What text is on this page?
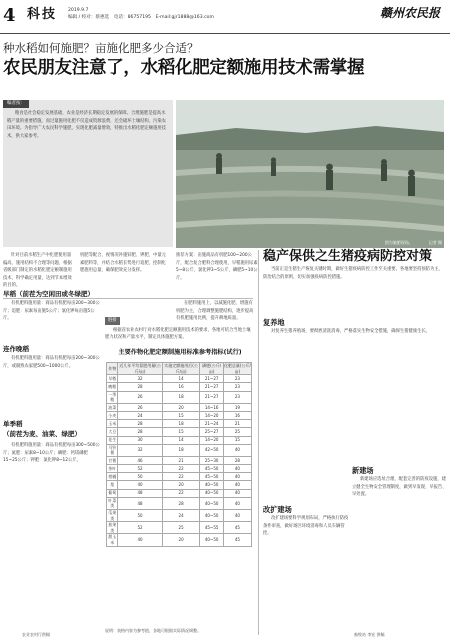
4 科技 2019.9.7
编辑 / 校对：蔡惠选　电话：86757195　E-mail:gjr1888@163.com	赣州农民报
种水稻如何施肥？亩施化肥多少合适？
农民朋友注意了，水稻化肥定额施用技术需掌握
编者按：
粮食是社会稳定发展基础，农业是经济长期稳定发展的保障。合理施肥是提高水稻产量的重要措施，而过量施用化肥不仅造成资源浪费，还会破坏土壤结构，污染农田环境。为指导广大农民科学施肥，实现化肥减量增效，特推出水稻化肥定额施用技术，供大家参考。
图为施肥现场。　　　　记者 摄
针对目前水稻生产中化肥使用量偏高、施用结构不合理等问题，根据省级部门制定的水稻化肥定额制施用技术，科学确定用量，达到节本增效的目的。
机肥等配合，视情况补施锌肥、钾肥、中量元素肥料等，并结合水稻长势进行追肥，控制化肥施用总量，确保肥效充分发挥。
推荐方案：亩施商品有机肥100~200公斤，配合复合肥料合理使用，早稻施用尿素5~8公斤，氯化钾3~5公斤，磷肥5~10公斤。
早稻（前茬为空闲田或冬绿肥）
有机肥料施用量：商品有机肥每亩200~300公斤；追肥：尿素每亩施5公斤；氯化钾每亩施5公斤。
连作晚稻
有机肥料施用量：商品有机肥每亩200~300公斤，或腐熟农家肥500~1000公斤。
单季稻
（前茬为麦、油菜、绿肥）
有机肥料施用量：商品有机肥每亩300~500公斤；氮肥：尿素8~10公斤；磷肥：钙镁磷肥15~25公斤；钾肥：氯化钾8~12公斤。
在肥料施用上，以减施化肥、增施有机肥为主，合理调整施肥结构，逐步提高有机肥施用比例，提升耕地质量。
链接
根据省农业农村厅对水稻化肥定额施用技术的要求，各地可结合当地土壤肥力状况和产量水平，制定具体施肥方案。
主要作物化肥定额制施用标准参考指标(试行)
作物	近几年平均氮肥用量(公斤/亩)	实施定额施用后(公斤/亩)	磷肥(公斤/亩)	化肥总量(公斤/亩)
早稻	32	14	21~27	23
晚稻	28	16	21~27	23
一季稻	26	18	21~27	23
油菜	26	20	14~16	19
小麦	24	15	14~20	16
玉米	28	18	21~24	21
大豆	28	15	25~27	25
花生	30	14	14~20	15
马铃薯	32	18	42~50	40
甘薯	46	21	25~30	28
茶叶	52	22	45~50	40
柑橘	50	22	45~50	40
梨	40	20	40~50	40
葡萄	48	22	40~50	40
叶菜类	48	28	40~50	40
瓜果类	50	24	40~50	40
茄果类	52	25	45~55	45
甜玉米	40	20	40~50	45
说明：表格内容为参考值，各地可根据实际情况调整。
稳产保供之生猪疫病防控对策
当前正是生猪生产恢复关键时期，做好生猪疫病防控工作至关重要。各地要坚持预防为主、防治结合的原则，切实加强疫病防控措施。
复养地
对复养生猪养殖场，要彻底清洗消毒，严格落实生物安全措施，确保生猪健康生长。
改扩建场
改扩建场要科学规划布局，严格执行防疫条件审查，做好场区环境消毒和人员车辆管控。
新建场
新建场应选址合理，配套完善的防疫设施，建立健全生物安全管理制度，做到早发现、早报告、早处置。
农业农村厅供稿	畜牧站 李宏 供稿
